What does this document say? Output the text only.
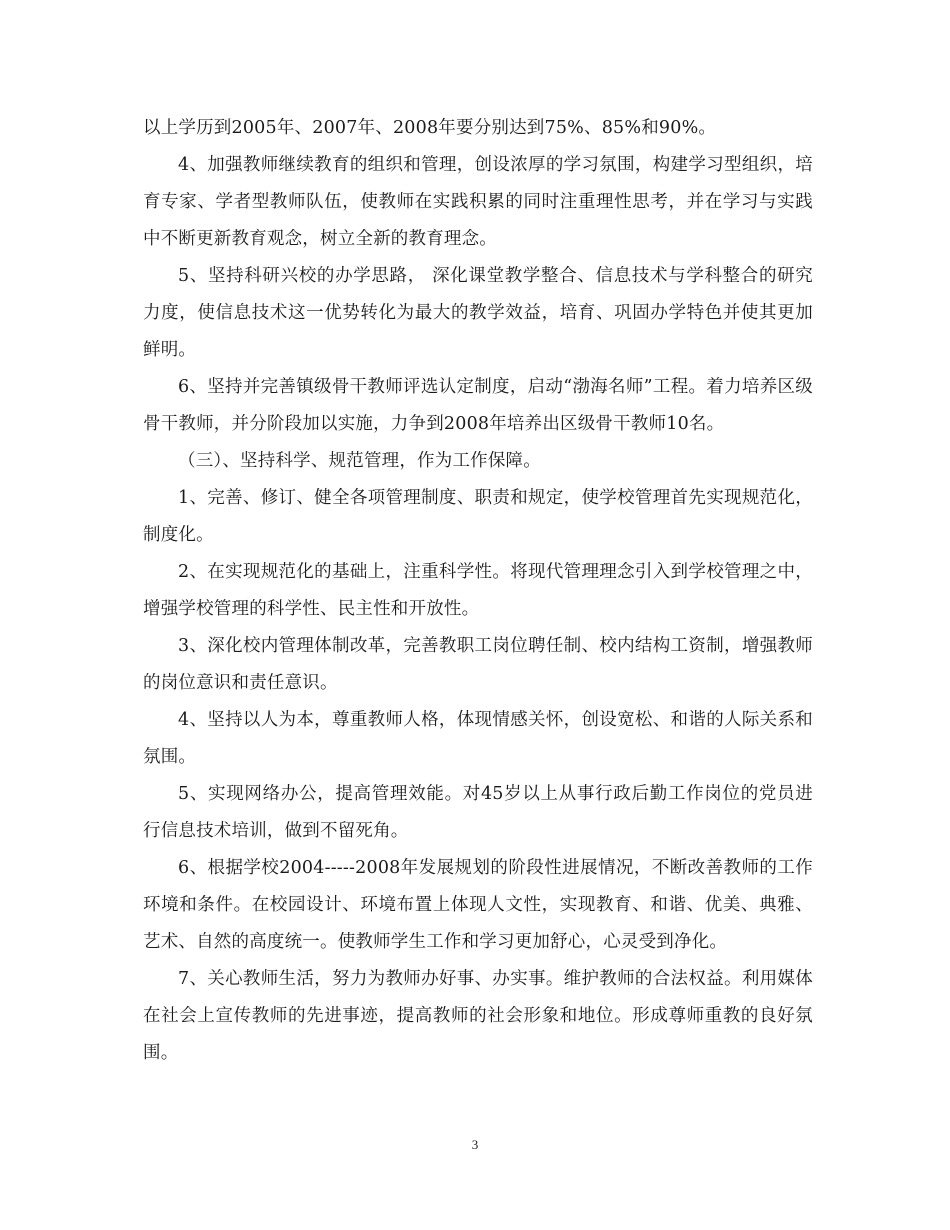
以上学历到2005年、2007年、2008年要分别达到75%、85%和90%。

4、加强教师继续教育的组织和管理，创设浓厚的学习氛围，构建学习型组织，培育专家、学者型教师队伍，使教师在实践积累的同时注重理性思考，并在学习与实践中不断更新教育观念，树立全新的教育理念。

5、坚持科研兴校的办学思路， 深化课堂教学整合、信息技术与学科整合的研究力度，使信息技术这一优势转化为最大的教学效益，培育、巩固办学特色并使其更加鲜明。

6、坚持并完善镇级骨干教师评选认定制度，启动“渤海名师”工程。着力培养区级骨干教师，并分阶段加以实施，力争到2008年培养出区级骨干教师10名。

（三）、坚持科学、规范管理，作为工作保障。

1、完善、修订、健全各项管理制度、职责和规定，使学校管理首先实现规范化，制度化。

2、在实现规范化的基础上，注重科学性。将现代管理理念引入到学校管理之中，增强学校管理的科学性、民主性和开放性。

3、深化校内管理体制改革，完善教职工岗位聘任制、校内结构工资制，增强教师的岗位意识和责任意识。

4、坚持以人为本，尊重教师人格，体现情感关怀，创设宽松、和谐的人际关系和氛围。

5、实现网络办公，提高管理效能。对45岁以上从事行政后勤工作岗位的党员进行信息技术培训，做到不留死角。

6、根据学校2004-----2008年发展规划的阶段性进展情况，不断改善教师的工作环境和条件。在校园设计、环境布置上体现人文性，实现教育、和谐、优美、典雅、艺术、自然的高度统一。使教师学生工作和学习更加舒心，心灵受到净化。

7、关心教师生活，努力为教师办好事、办实事。维护教师的合法权益。利用媒体在社会上宣传教师的先进事迹，提高教师的社会形象和地位。形成尊师重教的良好氛围。

3
